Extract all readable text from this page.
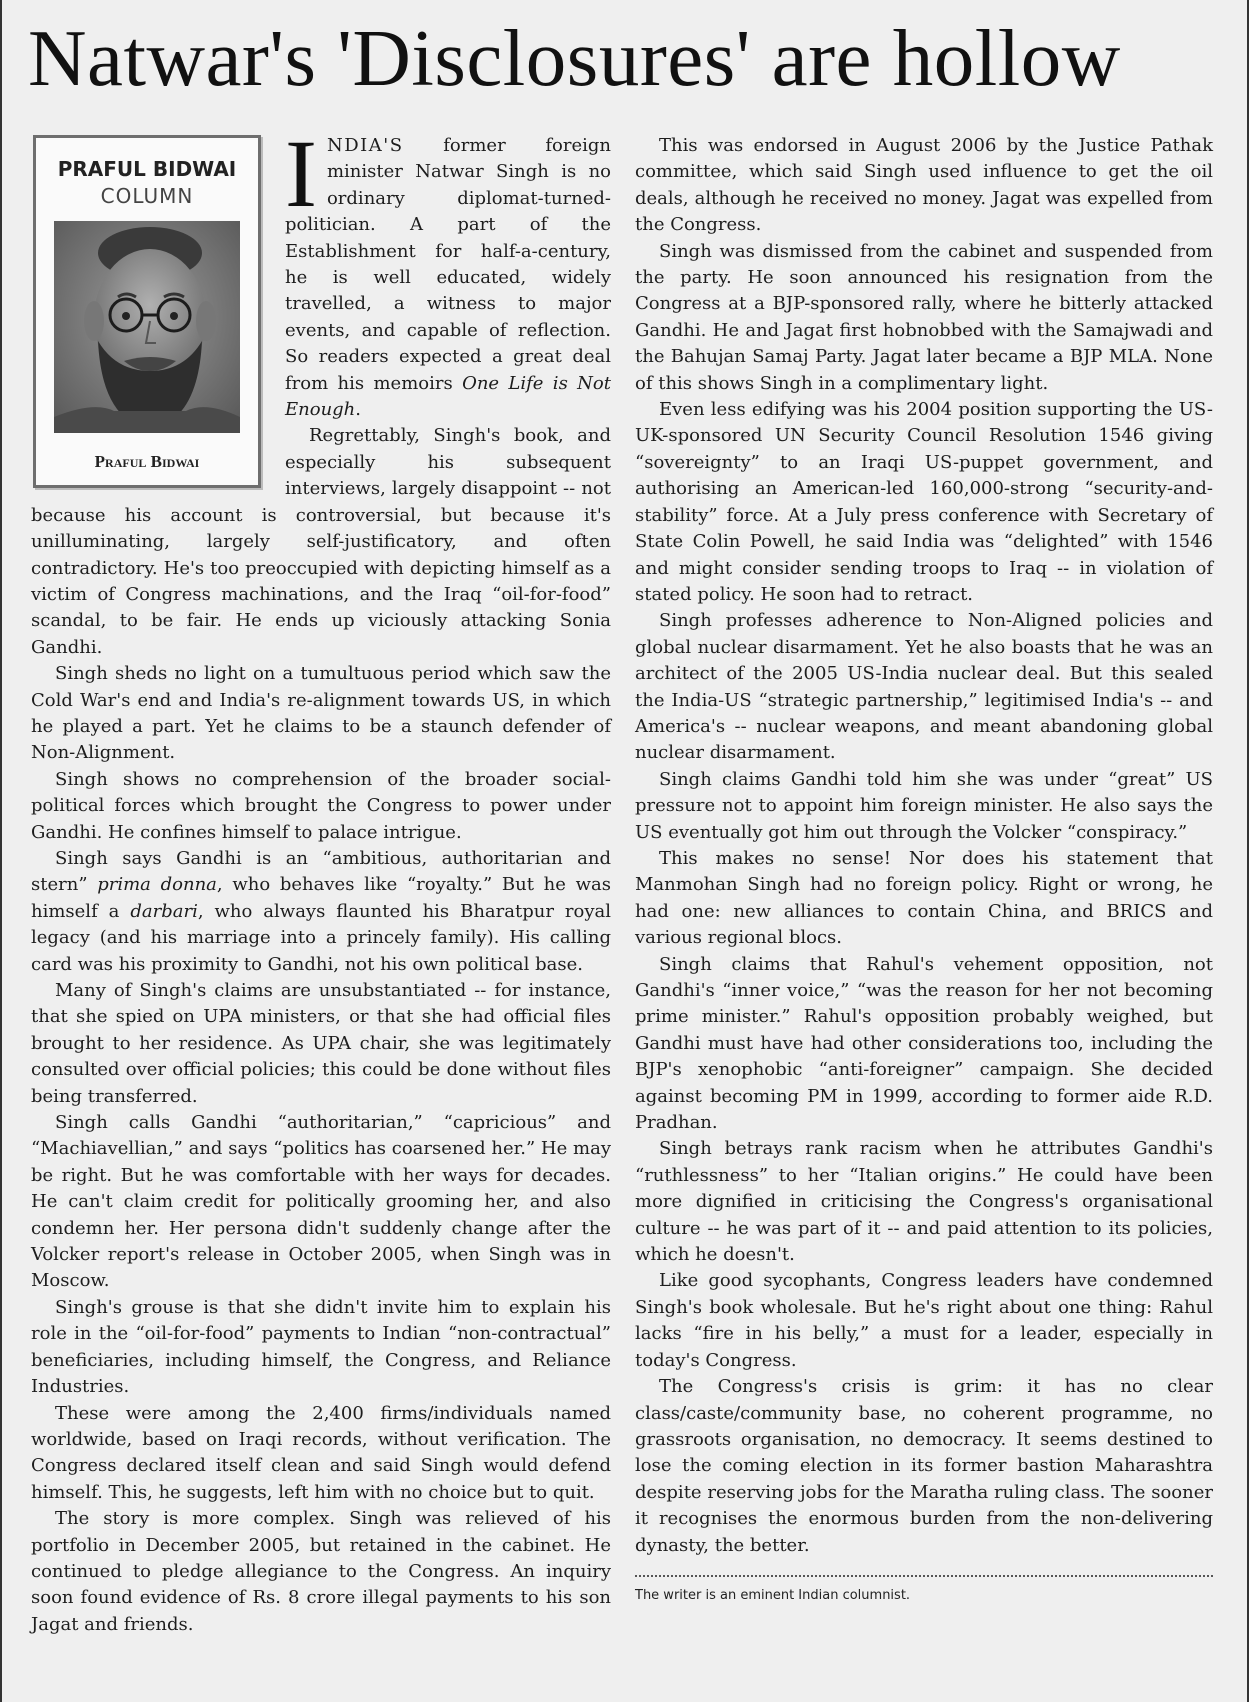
Natwar's 'Disclosures' are hollow
PRAFUL BIDWAI
COLUMN
Praful Bidwai

INDIA'S former foreign minister Natwar Singh is no ordinary diplomat-turned-politician. A part of the Establishment for half-a-century, he is well educated, widely travelled, a witness to major events, and capable of reflection. So readers expected a great deal from his memoirs One Life is Not Enough.

Regrettably, Singh's book, and especially his subsequent interviews, largely disappoint -- not because his account is controversial, but because it's unilluminating, largely self-justificatory, and often contradictory. He's too preoccupied with depicting himself as a victim of Congress machinations, and the Iraq “oil-for-food” scandal, to be fair. He ends up viciously attacking Sonia Gandhi.

Singh sheds no light on a tumultuous period which saw the Cold War's end and India's re-alignment towards US, in which he played a part. Yet he claims to be a staunch defender of Non-Alignment.

Singh shows no comprehension of the broader social-political forces which brought the Congress to power under Gandhi. He confines himself to palace intrigue.

Singh says Gandhi is an “ambitious, authoritarian and stern” prima donna, who behaves like “royalty.” But he was himself a darbari, who always flaunted his Bharatpur royal legacy (and his marriage into a princely family). His calling card was his proximity to Gandhi, not his own political base.

Many of Singh's claims are unsubstantiated -- for instance, that she spied on UPA ministers, or that she had official files brought to her residence. As UPA chair, she was legitimately consulted over official policies; this could be done without files being transferred.

Singh calls Gandhi “authoritarian,” “capricious” and “Machiavellian,” and says “politics has coarsened her.” He may be right. But he was comfortable with her ways for decades. He can't claim credit for politically grooming her, and also condemn her. Her persona didn't suddenly change after the Volcker report's release in October 2005, when Singh was in Moscow.

Singh's grouse is that she didn't invite him to explain his role in the “oil-for-food” payments to Indian “non-contractual” beneficiaries, including himself, the Congress, and Reliance Industries.

These were among the 2,400 firms/individuals named worldwide, based on Iraqi records, without verification. The Congress declared itself clean and said Singh would defend himself. This, he suggests, left him with no choice but to quit.

The story is more complex. Singh was relieved of his portfolio in December 2005, but retained in the cabinet. He continued to pledge allegiance to the Congress. An inquiry soon found evidence of Rs. 8 crore illegal payments to his son Jagat and friends.

This was endorsed in August 2006 by the Justice Pathak committee, which said Singh used influence to get the oil deals, although he received no money. Jagat was expelled from the Congress.

Singh was dismissed from the cabinet and suspended from the party. He soon announced his resignation from the Congress at a BJP-sponsored rally, where he bitterly attacked Gandhi. He and Jagat first hobnobbed with the Samajwadi and the Bahujan Samaj Party. Jagat later became a BJP MLA. None of this shows Singh in a complimentary light.

Even less edifying was his 2004 position supporting the US-UK-sponsored UN Security Council Resolution 1546 giving “sovereignty” to an Iraqi US-puppet government, and authorising an American-led 160,000-strong “security-and-stability” force. At a July press conference with Secretary of State Colin Powell, he said India was “delighted” with 1546 and might consider sending troops to Iraq -- in violation of stated policy. He soon had to retract.

Singh professes adherence to Non-Aligned policies and global nuclear disarmament. Yet he also boasts that he was an architect of the 2005 US-India nuclear deal. But this sealed the India-US “strategic partnership,” legitimised India's -- and America's -- nuclear weapons, and meant abandoning global nuclear disarmament.

Singh claims Gandhi told him she was under “great” US pressure not to appoint him foreign minister. He also says the US eventually got him out through the Volcker “conspiracy.”

This makes no sense! Nor does his statement that Manmohan Singh had no foreign policy. Right or wrong, he had one: new alliances to contain China, and BRICS and various regional blocs.

Singh claims that Rahul's vehement opposition, not Gandhi's “inner voice,” “was the reason for her not becoming prime minister.” Rahul's opposition probably weighed, but Gandhi must have had other considerations too, including the BJP's xenophobic “anti-foreigner” campaign. She decided against becoming PM in 1999, according to former aide R.D. Pradhan.

Singh betrays rank racism when he attributes Gandhi's “ruthlessness” to her “Italian origins.” He could have been more dignified in criticising the Congress's organisational culture -- he was part of it -- and paid attention to its policies, which he doesn't.

Like good sycophants, Congress leaders have condemned Singh's book wholesale. But he's right about one thing: Rahul lacks “fire in his belly,” a must for a leader, especially in today's Congress.

The Congress's crisis is grim: it has no clear class/caste/community base, no coherent programme, no grassroots organisation, no democracy. It seems destined to lose the coming election in its former bastion Maharashtra despite reserving jobs for the Maratha ruling class. The sooner it recognises the enormous burden from the non-delivering dynasty, the better.

The writer is an eminent Indian columnist.
